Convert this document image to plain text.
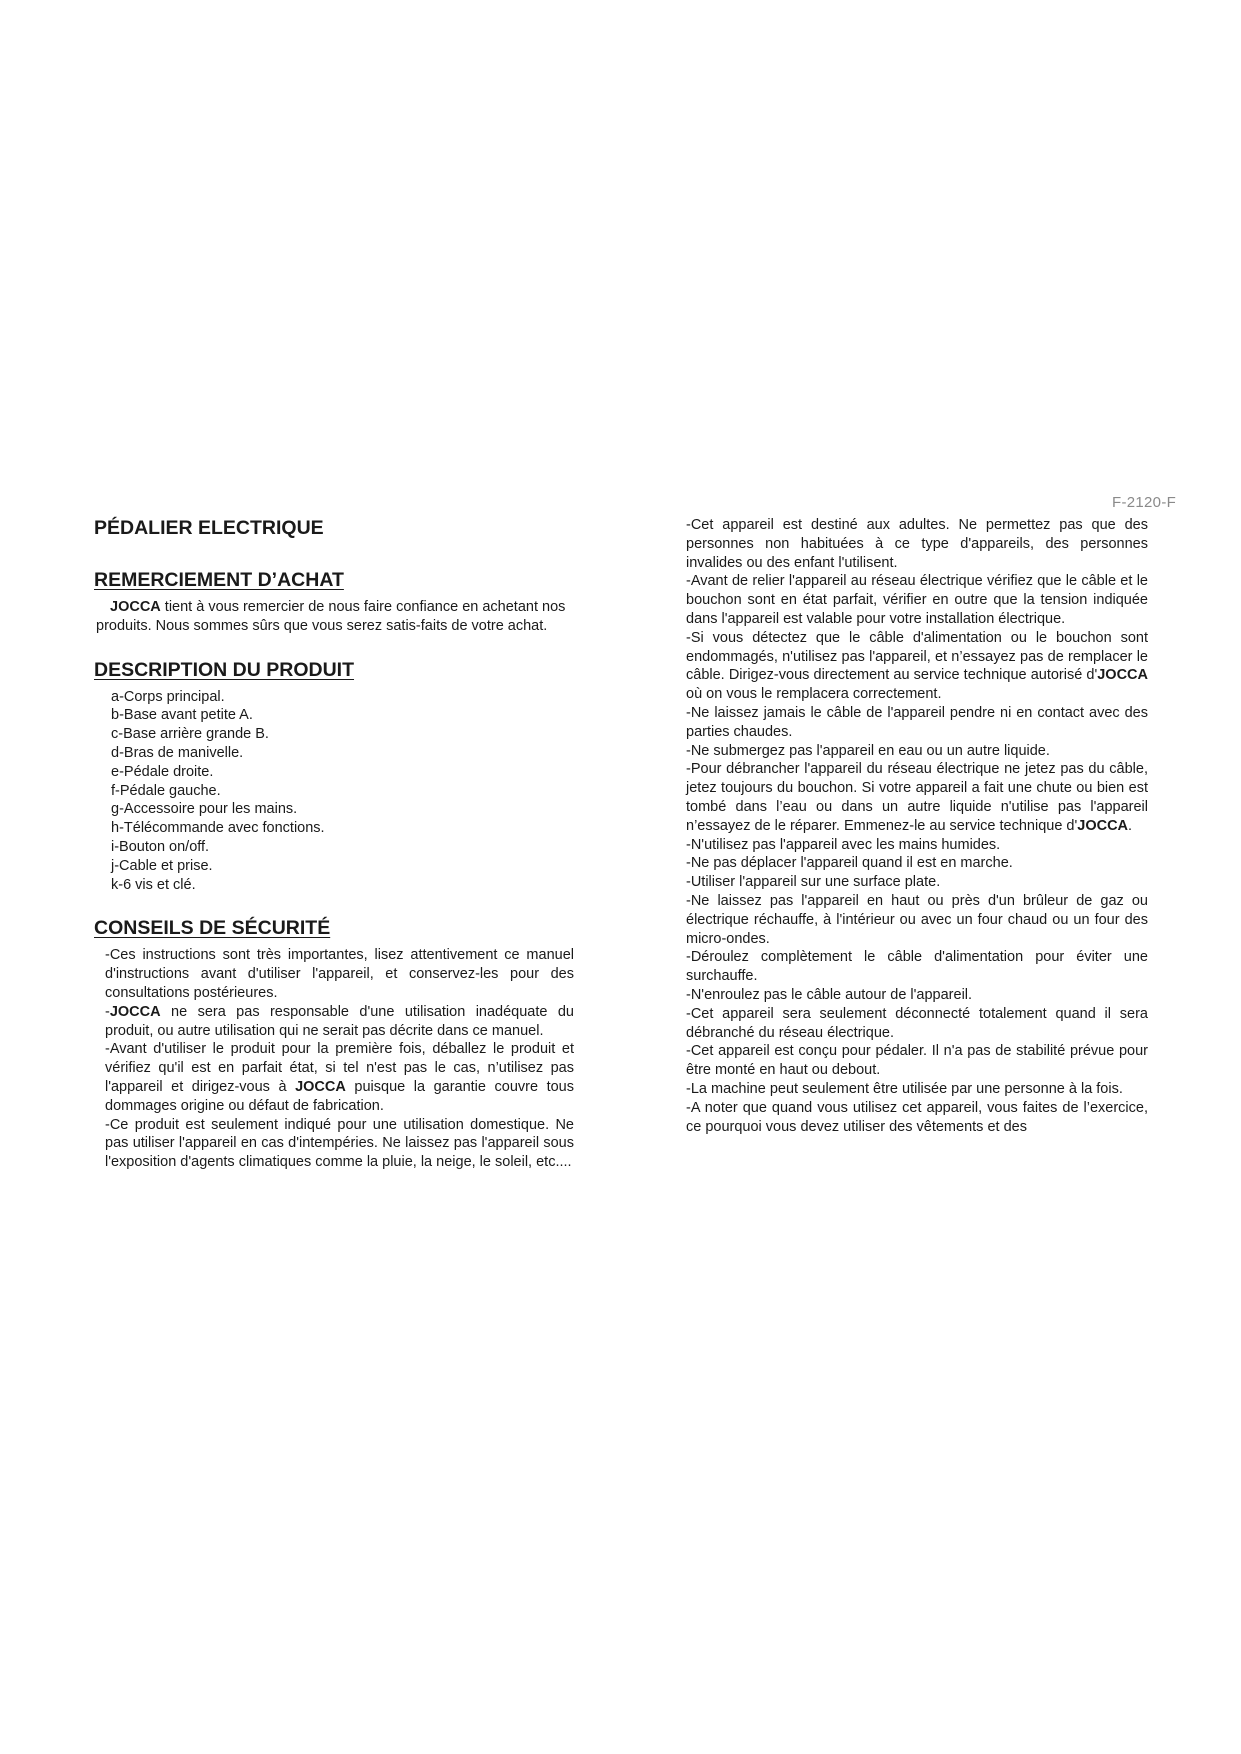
F-2120-F
PÉDALIER ELECTRIQUE
REMERCIEMENT D’ACHAT

JOCCA tient à vous remercier de nous faire confiance en achetant nos produits. Nous sommes sûrs que vous serez satis-faits de votre achat.

DESCRIPTION DU PRODUIT
a-Corps principal.
b-Base avant petite A.
c-Base arrière grande B.
d-Bras de manivelle.
e-Pédale droite.
f-Pédale gauche.
g-Accessoire pour les mains.
h-Télécommande avec fonctions.
i-Bouton on/off.
j-Cable et prise.
k-6 vis et clé.
CONSEILS DE SÉCURITÉ

-Ces instructions sont très importantes, lisez attentivement ce manuel d'instructions avant d'utiliser l'appareil, et conservez-les pour des consultations postérieures.

-JOCCA ne sera pas responsable d'une utilisation inadéquate du produit, ou autre utilisation qui ne serait pas décrite dans ce manuel.

-Avant d'utiliser le produit pour la première fois, déballez le produit et vérifiez qu'il est en parfait état, si tel n'est pas le cas, n’utilisez pas l'appareil et dirigez-vous à JOCCA puisque la garantie couvre tous dommages origine ou défaut de fabrication.

-Ce produit est seulement indiqué pour une utilisation domestique. Ne pas utiliser l'appareil en cas d'intempéries. Ne laissez pas l'appareil sous l'exposition d'agents climatiques comme la pluie, la neige, le soleil, etc....

-Cet appareil est destiné aux adultes. Ne permettez pas que des personnes non habituées à ce type d'appareils, des personnes invalides ou des enfant l'utilisent.

-Avant de relier l'appareil au réseau électrique vérifiez que le câble et le bouchon sont en état parfait, vérifier en outre que la tension indiquée dans l'appareil est valable pour votre installation électrique.

-Si vous détectez que le câble d'alimentation ou le bouchon sont endommagés, n'utilisez pas l'appareil, et n’essayez pas de remplacer le câble. Dirigez-vous directement au service technique autorisé d'JOCCA où on vous le remplacera correctement.

-Ne laissez jamais le câble de l'appareil pendre ni en contact avec des parties chaudes.

-Ne submergez pas l'appareil en eau ou un autre liquide.

-Pour débrancher l'appareil du réseau électrique ne jetez pas du câble, jetez toujours du bouchon. Si votre appareil a fait une chute ou bien est tombé dans l’eau ou dans un autre liquide n'utilise pas l'appareil n’essayez de le réparer. Emmenez-le au service technique d'JOCCA.

-N'utilisez pas l'appareil avec les mains humides.

-Ne pas déplacer l'appareil quand il est en marche.

-Utiliser l'appareil sur une surface plate.

-Ne laissez pas l'appareil en haut ou près d'un brûleur de gaz ou électrique réchauffe, à l'intérieur ou avec un four chaud ou un four des micro-ondes.

-Déroulez complètement le câble d'alimentation pour éviter une surchauffe.

-N'enroulez pas le câble autour de l'appareil.

-Cet appareil sera seulement déconnecté totalement quand il sera débranché du réseau électrique.

-Cet appareil est conçu pour pédaler. Il n'a pas de stabilité prévue pour être monté en haut ou debout.

-La machine peut seulement être utilisée par une personne à la fois.

-A noter que quand vous utilisez cet appareil, vous faites de l’exercice, ce pourquoi vous devez utiliser des vêtements et des
